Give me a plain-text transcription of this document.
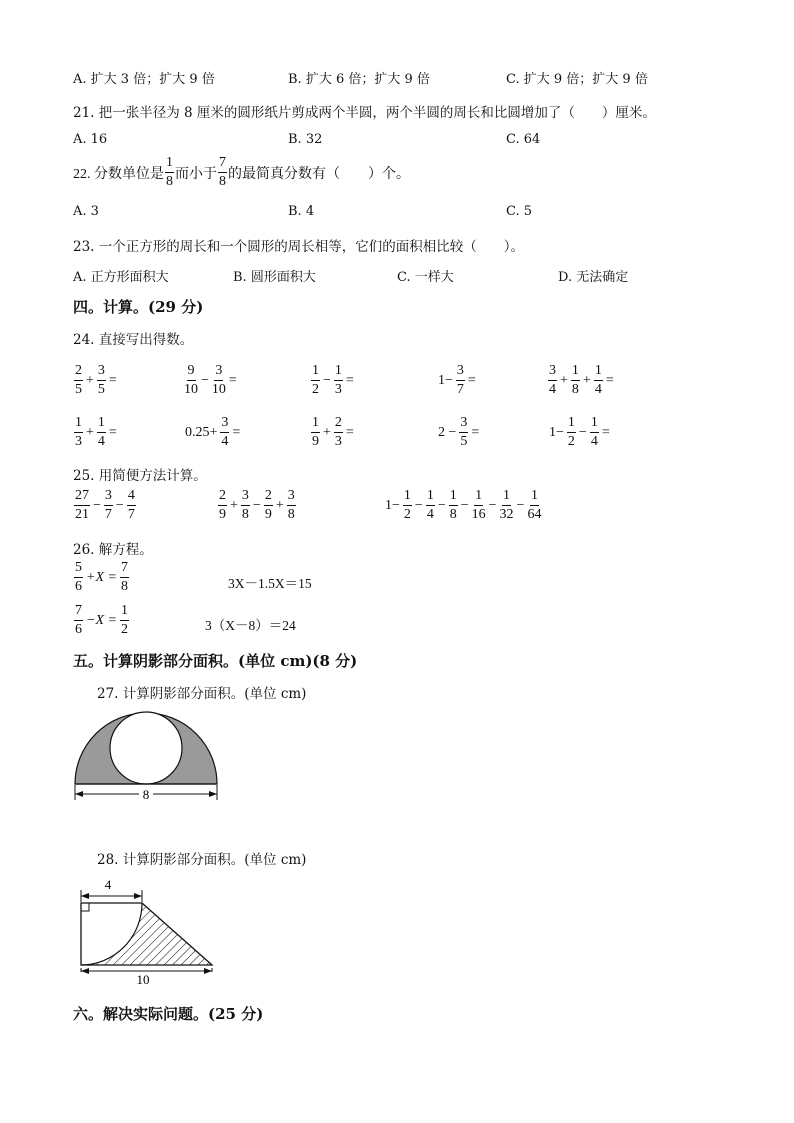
A. 扩大 3 倍；扩大 9 倍	B. 扩大 6 倍；扩大 9 倍	C. 扩大 9 倍；扩大 9 倍
21. 把一张半径为 8 厘米的圆形纸片剪成两个半圆，两个半圆的周长和比圆增加了（　　）厘米。
A. 16	B. 32	C. 64
22. 分数单位是 $\frac{1}{8}$ 而小于 $\frac{7}{8}$ 的最简真分数有（　　）个。
A. 3	B. 4	C. 5
23. 一个正方形的周长和一个圆形的周长相等，它们的面积相比较（　　）。
A. 正方形面积大	B. 圆形面积大	C. 一样大	D. 无法确定
四。计算。(29 分)
24. 直接写出得数。
25. 用简便方法计算。
26. 解方程。
$\frac{5}{6} +X = \frac{7}{8}$	3X－1.5X＝15
$\frac{7}{6} -X = \frac{1}{2}$	3（X－8）＝24
五。计算阴影部分面积。(单位 cm)(8 分)
27. 计算阴影部分面积。(单位 cm)
8
28. 计算阴影部分面积。(单位 cm)
4
10
六。解决实际问题。(25 分)
$\frac{2}{5} + \frac{3}{5}$ =	$\frac{9}{10} - \frac{3}{10}$ =	$\frac{1}{2} - \frac{1}{3}$ =	$1- \frac{3}{7}$ =	$\frac{3}{4} + \frac{1}{8} + \frac{1}{4}$ =
$\frac{1}{3} + \frac{1}{4}$ =	$0.25+ \frac{3}{4}$ =	$\frac{1}{9} + \frac{2}{3}$ =	$2 - \frac{3}{5}$ =	$1- \frac{1}{2} - \frac{1}{4}$ =
$\frac{27}{21} - \frac{3}{7} - \frac{4}{7}$	$\frac{2}{9} + \frac{3}{8} - \frac{2}{9} + \frac{3}{8}$	$1- \frac{1}{2} - \frac{1}{4} - \frac{1}{8} - \frac{1}{16} - \frac{1}{32} - \frac{1}{64}$
